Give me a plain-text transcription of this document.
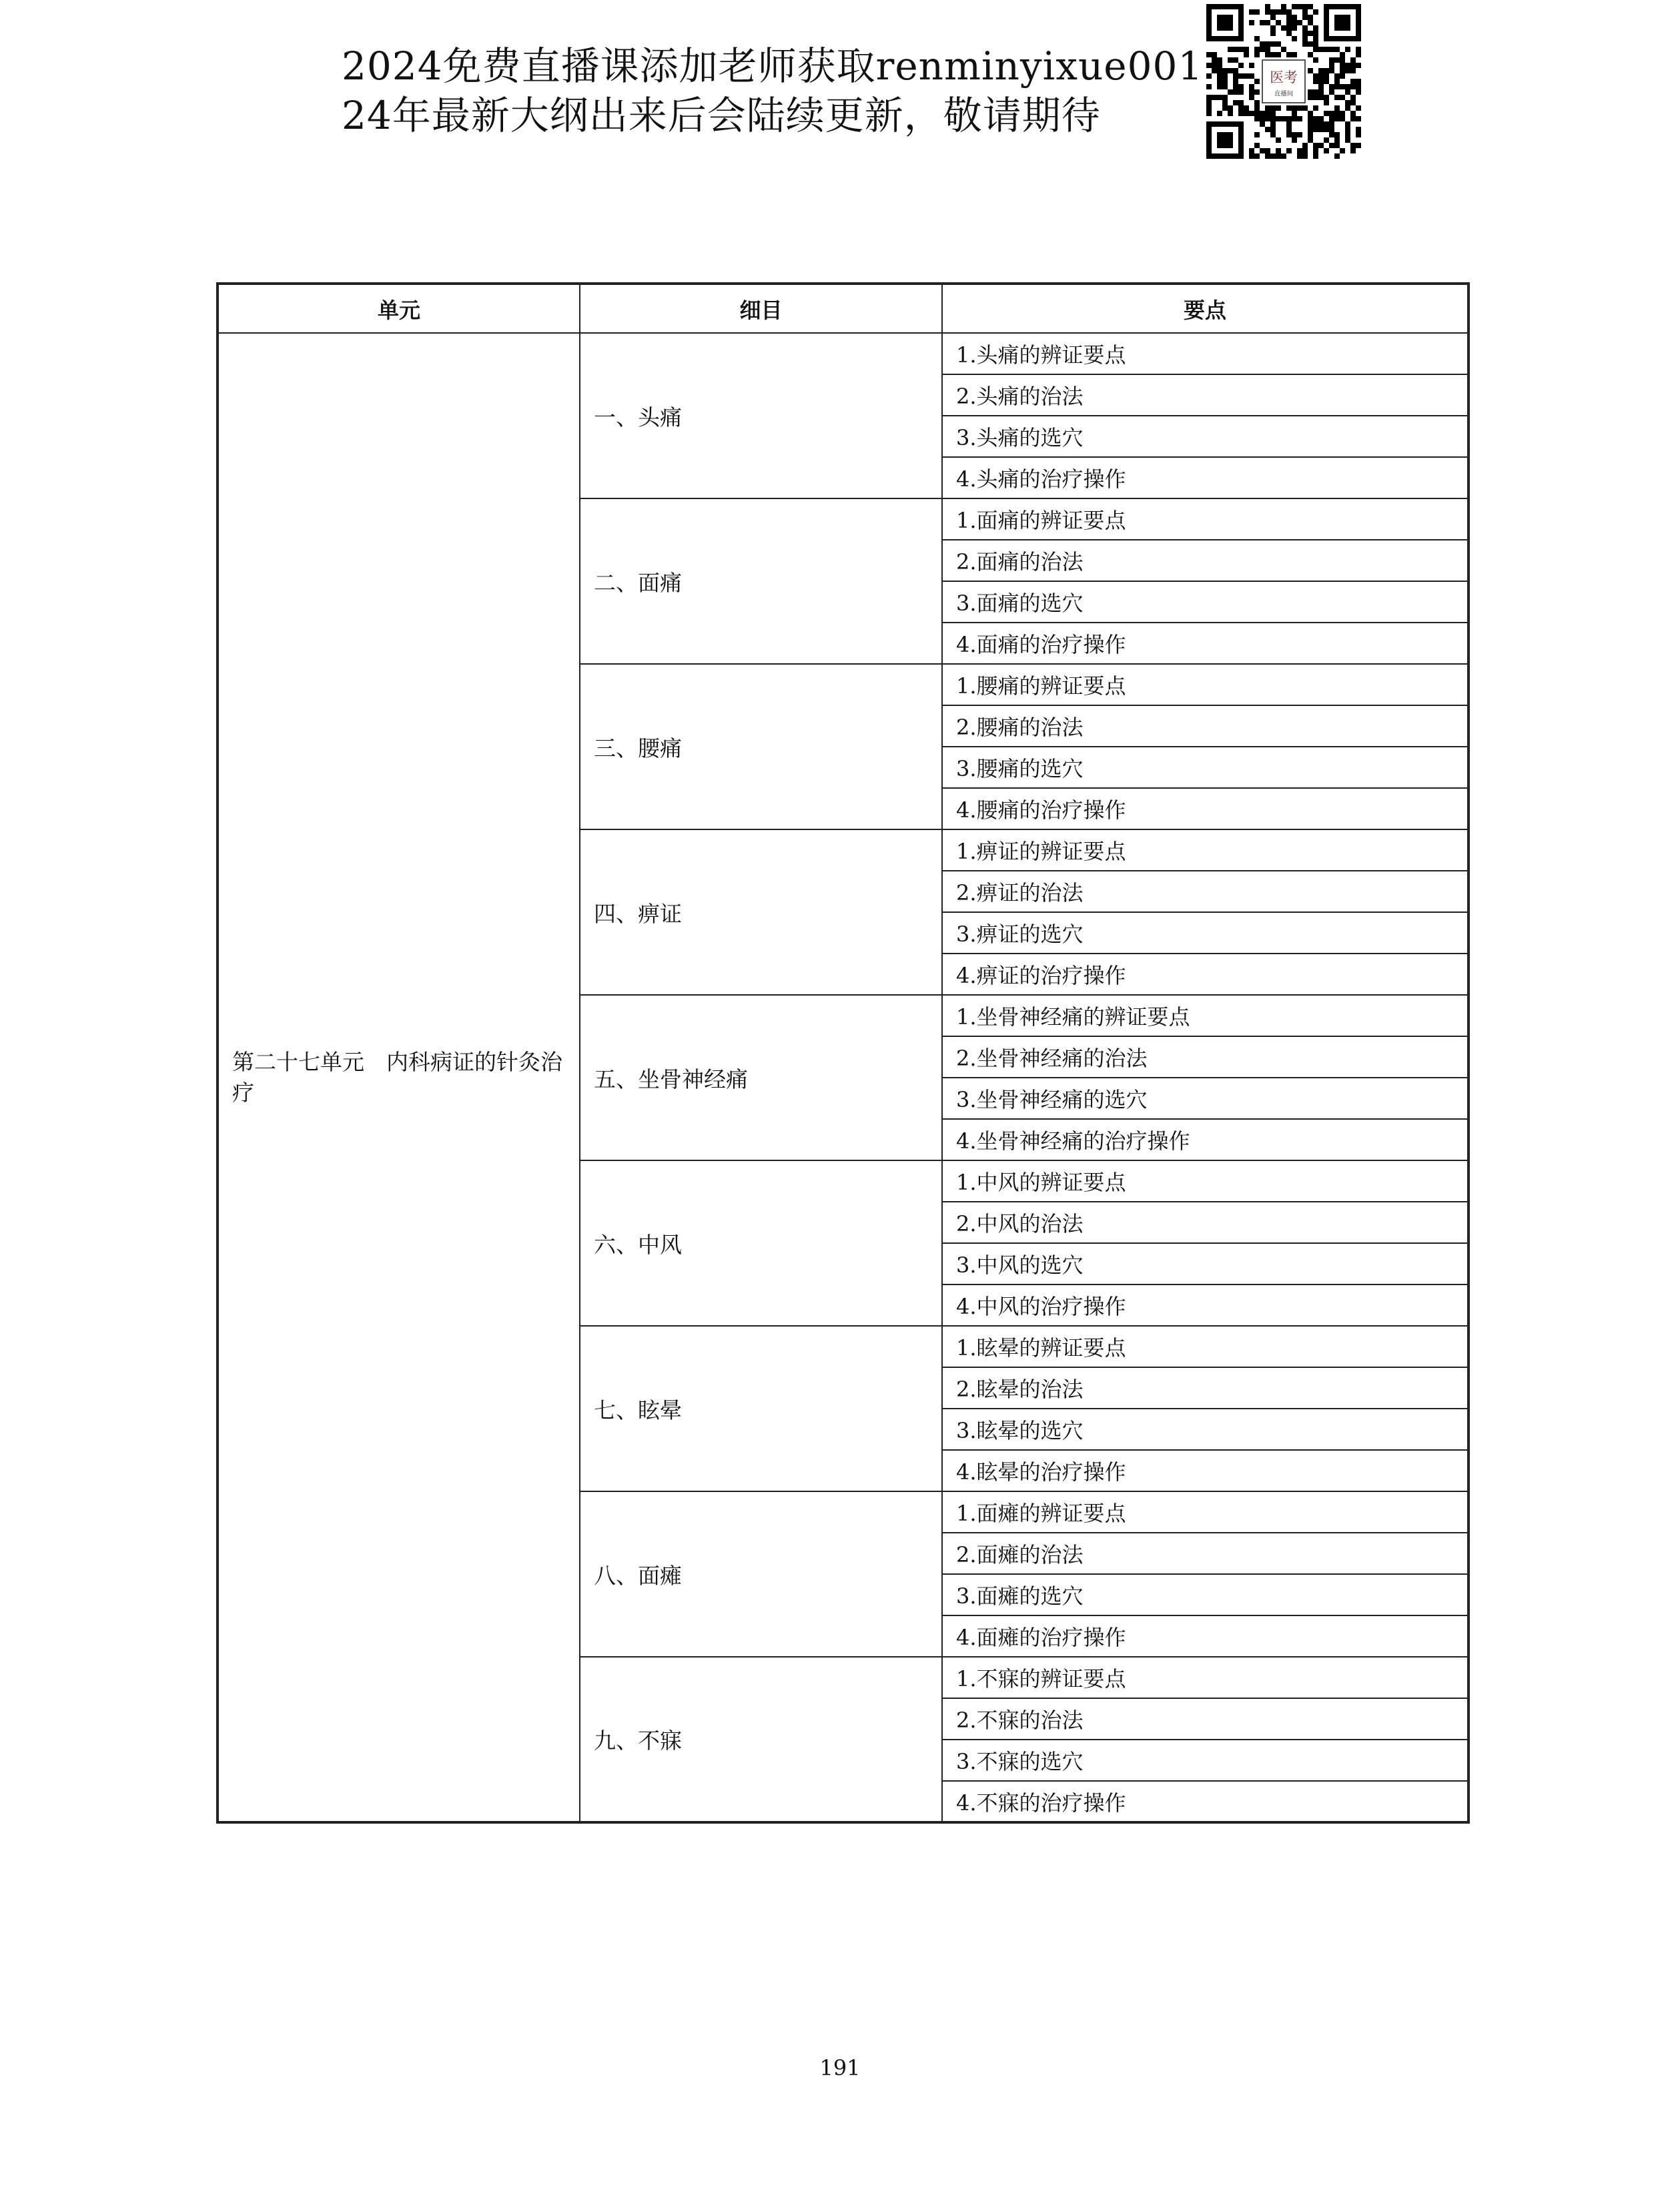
2024免费直播课添加老师获取renminyixue001
24年最新大纲出来后会陆续更新，敬请期待
医考
直播间
单元	细目	要点
第二十七单元　内科病证的针灸治疗	一、头痛	1.头痛的辨证要点
		2.头痛的治法
		3.头痛的选穴
		4.头痛的治疗操作
	二、面痛	1.面痛的辨证要点
		2.面痛的治法
		3.面痛的选穴
		4.面痛的治疗操作
	三、腰痛	1.腰痛的辨证要点
		2.腰痛的治法
		3.腰痛的选穴
		4.腰痛的治疗操作
	四、痹证	1.痹证的辨证要点
		2.痹证的治法
		3.痹证的选穴
		4.痹证的治疗操作
	五、坐骨神经痛	1.坐骨神经痛的辨证要点
		2.坐骨神经痛的治法
		3.坐骨神经痛的选穴
		4.坐骨神经痛的治疗操作
	六、中风	1.中风的辨证要点
		2.中风的治法
		3.中风的选穴
		4.中风的治疗操作
	七、眩晕	1.眩晕的辨证要点
		2.眩晕的治法
		3.眩晕的选穴
		4.眩晕的治疗操作
	八、面瘫	1.面瘫的辨证要点
		2.面瘫的治法
		3.面瘫的选穴
		4.面瘫的治疗操作
	九、不寐	1.不寐的辨证要点
		2.不寐的治法
		3.不寐的选穴
		4.不寐的治疗操作
191
